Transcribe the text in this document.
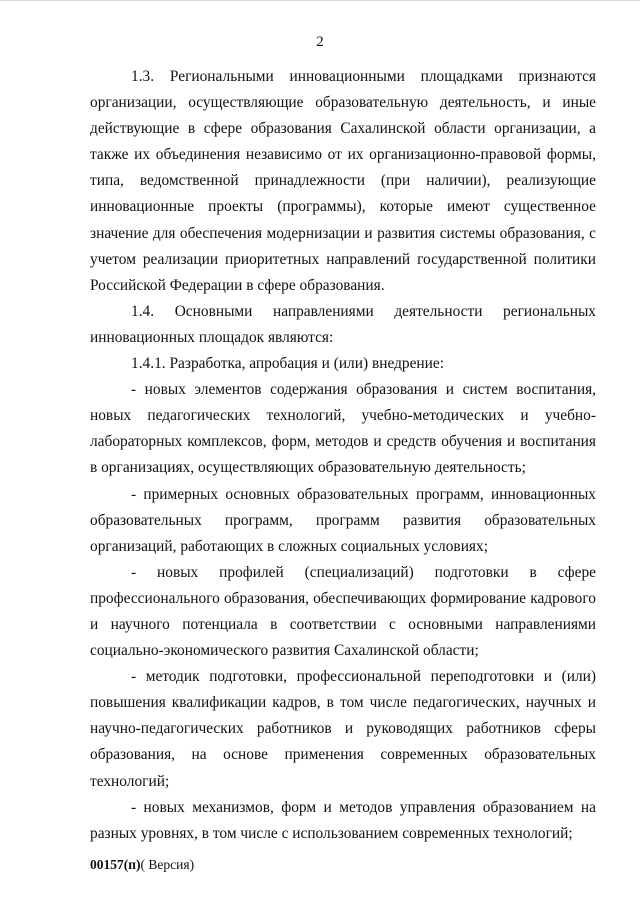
2

1.3. Региональными инновационными площадками признаются организации, осуществляющие образовательную деятельность, и иные действующие в сфере образования Сахалинской области организации, а также их объединения независимо от их организационно-правовой формы, типа, ведомственной принадлежности (при наличии), реализующие инновационные проекты (программы), которые имеют существенное значение для обеспечения модернизации и развития системы образования, с учетом реализации приоритетных направлений государственной политики Российской Федерации в сфере образования.

1.4. Основными направлениями деятельности региональных инновационных площадок являются:

1.4.1. Разработка, апробация и (или) внедрение:

- новых элементов содержания образования и систем воспитания, новых педагогических технологий, учебно-методических и учебно-лабораторных комплексов, форм, методов и средств обучения и воспитания в организациях, осуществляющих образовательную деятельность;

- примерных основных образовательных программ, инновационных образовательных программ, программ развития образовательных организаций, работающих в сложных социальных условиях;

- новых профилей (специализаций) подготовки в сфере профессионального образования, обеспечивающих формирование кадрового и научного потенциала в соответствии с основными направлениями социально-экономического развития Сахалинской области;

- методик подготовки, профессиональной переподготовки и (или) повышения квалификации кадров, в том числе педагогических, научных и научно-педагогических работников и руководящих работников сферы образования, на основе применения современных образовательных технологий;

- новых механизмов, форм и методов управления образованием на разных уровнях, в том числе с использованием современных технологий;

00157(п)( Версия)
